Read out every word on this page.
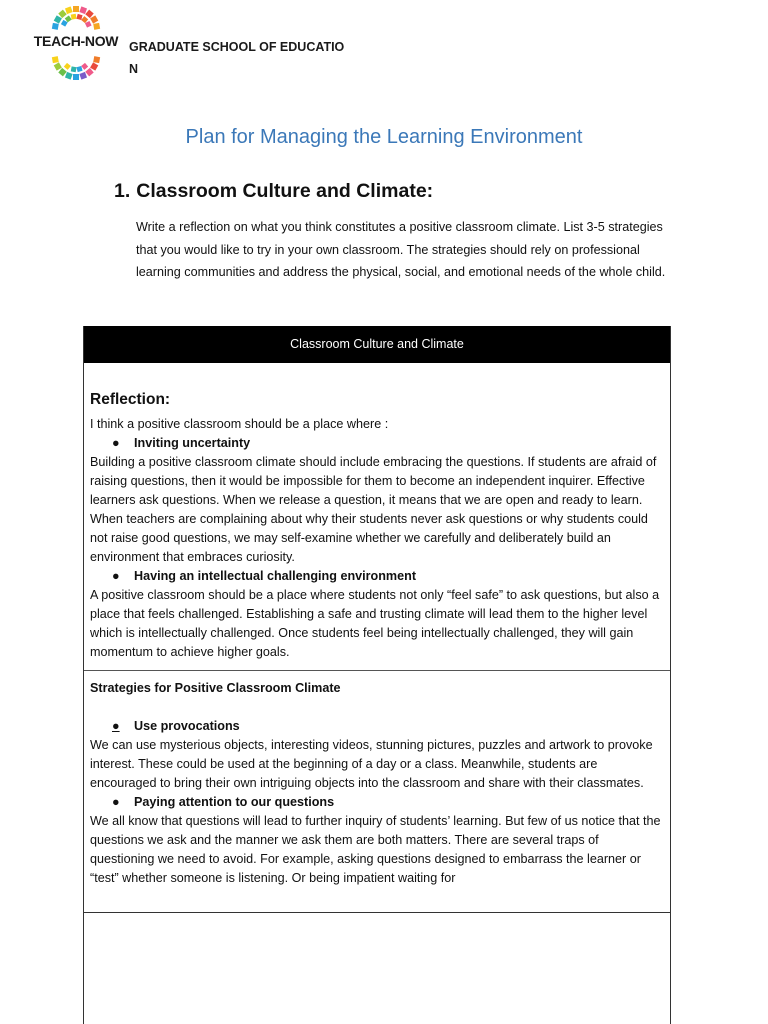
TEACH-NOW GRADUATE SCHOOL OF EDUCATIO N
Plan for Managing the Learning Environment
1. Classroom Culture and Climate:

Write a reflection on what you think constitutes a positive classroom climate. List 3-5 strategies that you would like to try in your own classroom. The strategies should rely on professional learning communities and address the physical, social, and emotional needs of the whole child.

Classroom Culture and Climate

Reflection:

I think a positive classroom should be a place where :

● Inviting uncertainty

Building a positive classroom climate should include embracing the questions. If students are afraid of raising questions, then it would be impossible for them to become an independent inquirer. Effective learners ask questions. When we release a question, it means that we are open and ready to learn. When teachers are complaining about why their students never ask questions or why students could not raise good questions, we may self-examine whether we carefully and deliberately build an environment that embraces curiosity.

● Having an intellectual challenging environment

A positive classroom should be a place where students not only “feel safe” to ask questions, but also a place that feels challenged. Establishing a safe and trusting climate will lead them to the higher level which is intellectually challenged. Once students feel being intellectually challenged, they will gain momentum to achieve higher goals.

Strategies for Positive Classroom Climate

● Use provocations

We can use mysterious objects, interesting videos, stunning pictures, puzzles and artwork to provoke interest. These could be used at the beginning of a day or a class. Meanwhile, students are encouraged to bring their own intriguing objects into the classroom and share with their classmates.

● Paying attention to our questions

We all know that questions will lead to further inquiry of students’ learning. But few of us notice that the questions we ask and the manner we ask them are both matters. There are several traps of questioning we need to avoid. For example, asking questions designed to embarrass the learner or “test” whether someone is listening. Or being impatient waiting for
